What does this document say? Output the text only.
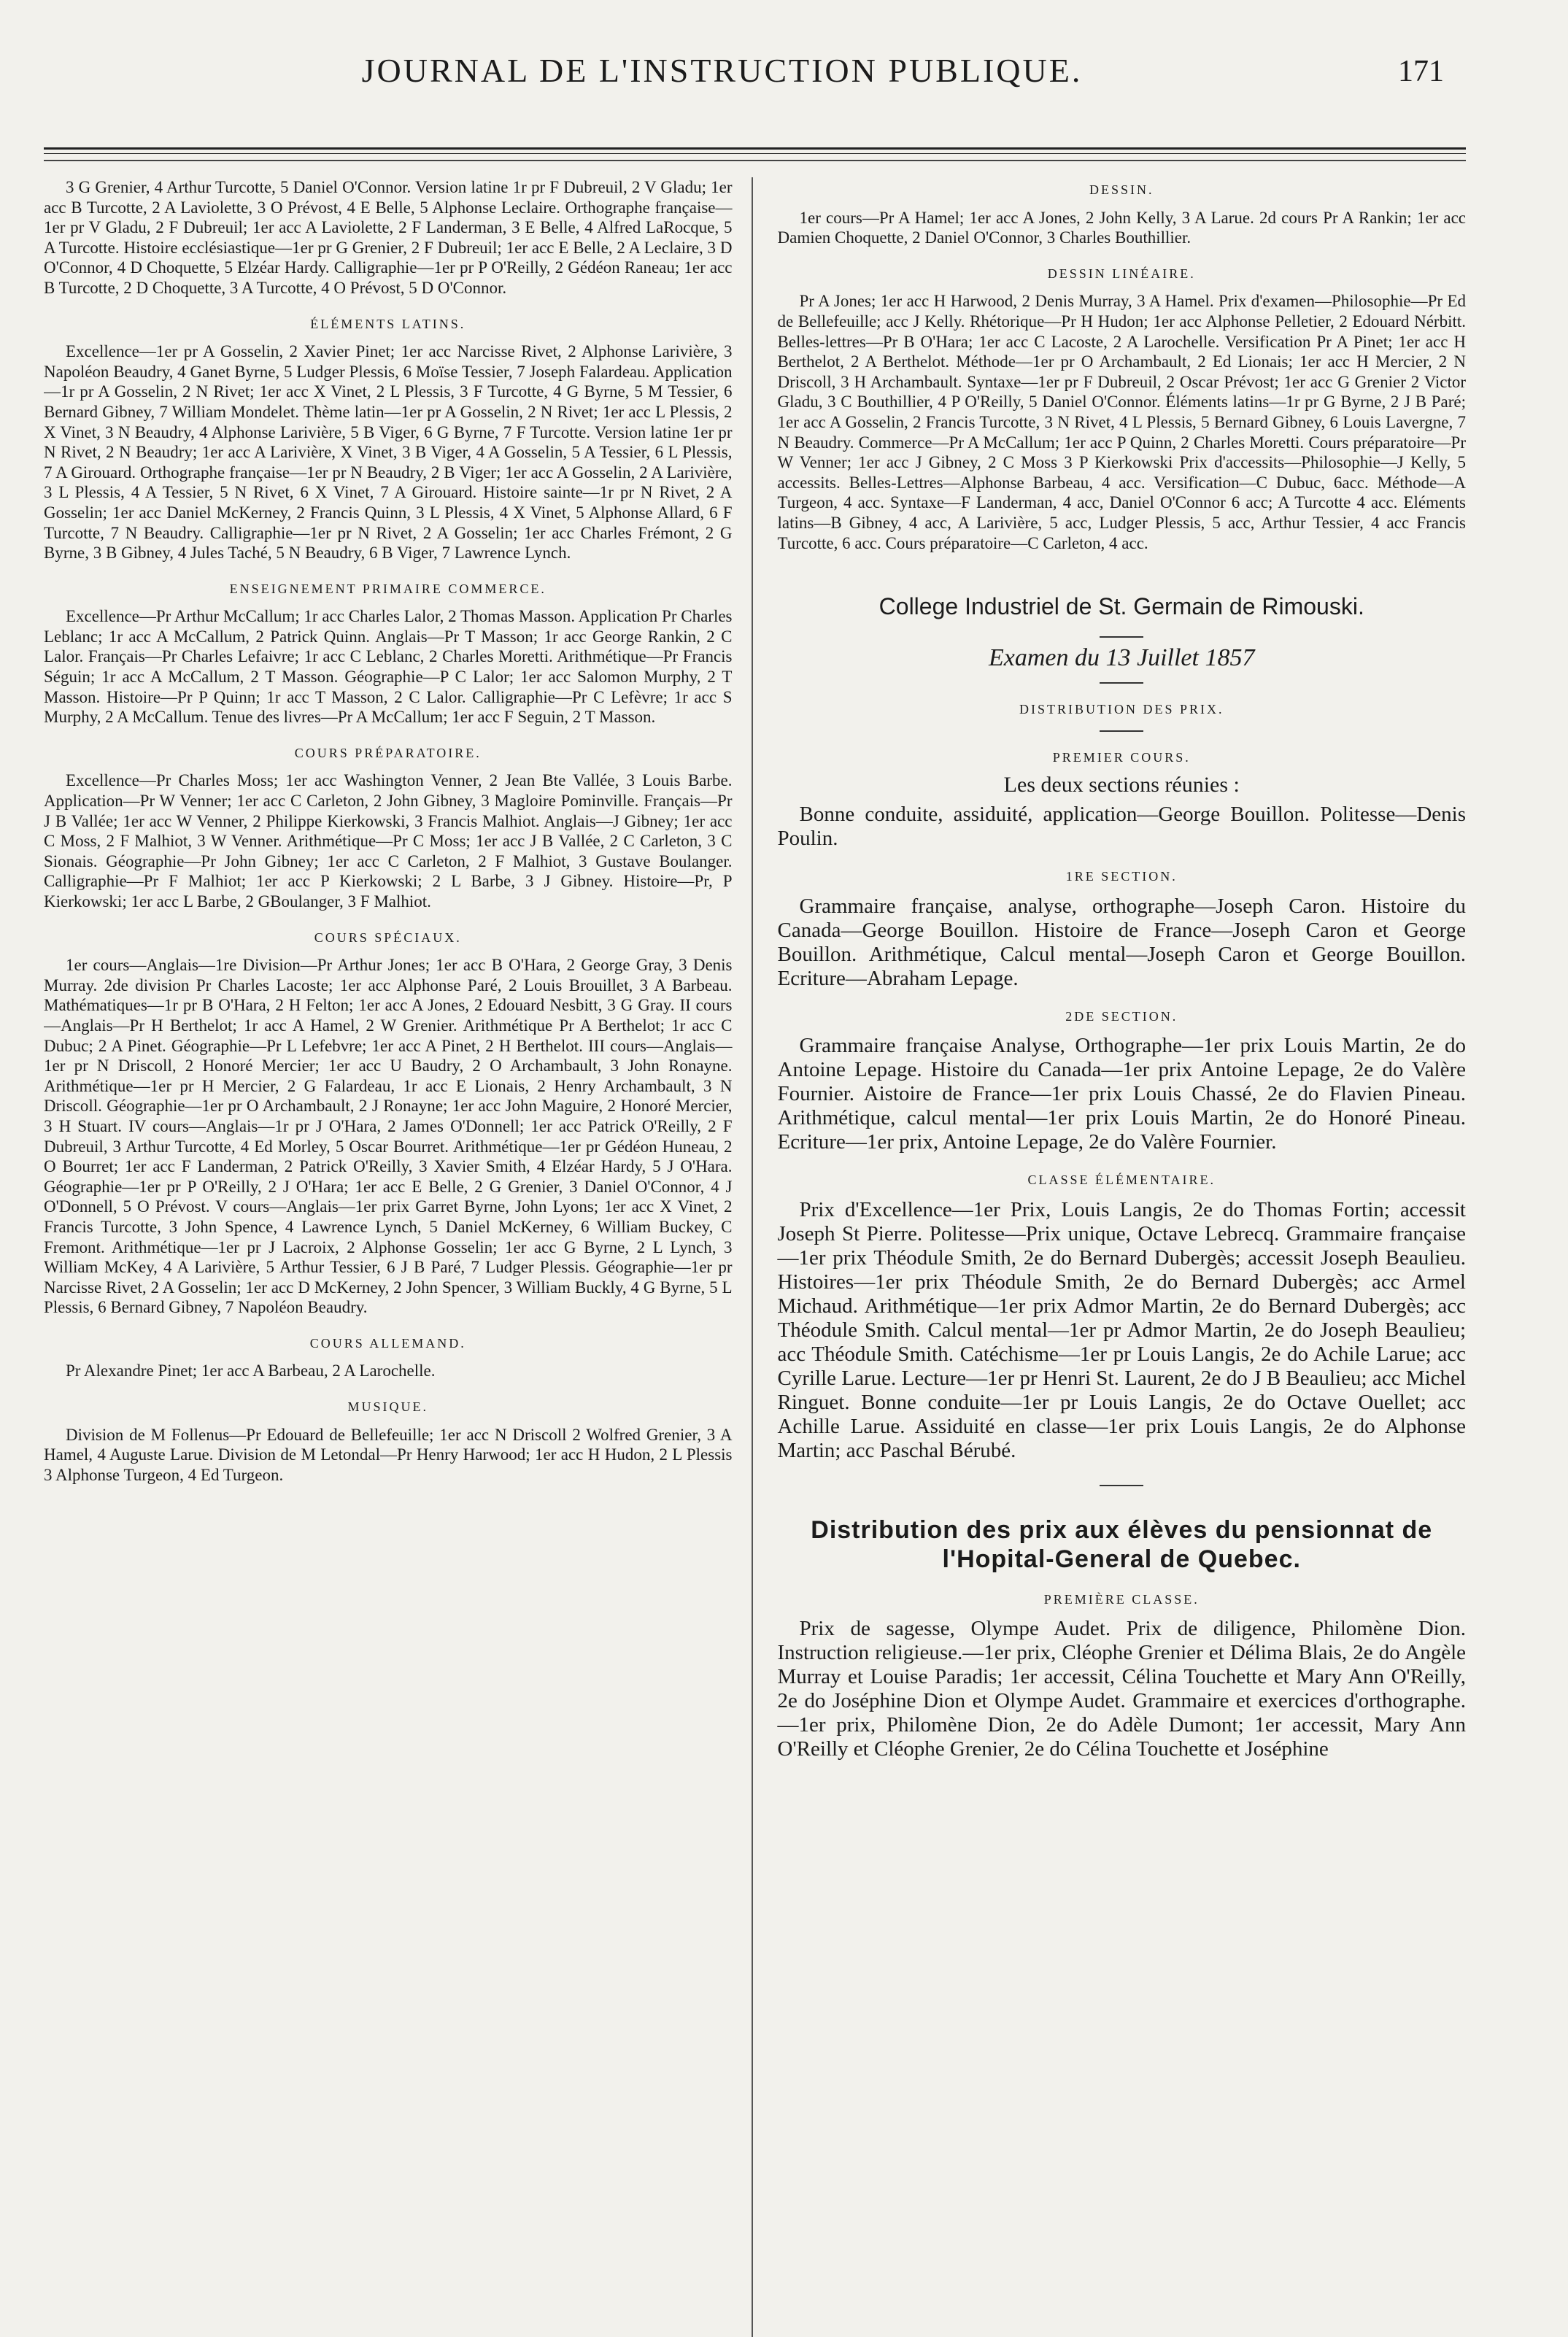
JOURNAL DE L'INSTRUCTION PUBLIQUE.	171

3 G Grenier, 4 Arthur Turcotte, 5 Daniel O'Connor. Version latine 1r pr F Dubreuil, 2 V Gladu; 1er acc B Turcotte, 2 A Laviolette, 3 O Prévost, 4 E Belle, 5 Alphonse Leclaire. Orthographe française—1er pr V Gladu, 2 F Dubreuil; 1er acc A Laviolette, 2 F Landerman, 3 E Belle, 4 Alfred LaRocque, 5 A Turcotte. Histoire ecclésiastique—1er pr G Grenier, 2 F Dubreuil; 1er acc E Belle, 2 A Leclaire, 3 D O'Connor, 4 D Choquette, 5 Elzéar Hardy. Calligraphie—1er pr P O'Reilly, 2 Gédéon Raneau; 1er acc B Turcotte, 2 D Choquette, 3 A Turcotte, 4 O Prévost, 5 D O'Connor.

ÉLÉMENTS LATINS.

Excellence—1er pr A Gosselin, 2 Xavier Pinet; 1er acc Narcisse Rivet, 2 Alphonse Larivière, 3 Napoléon Beaudry, 4 Ganet Byrne, 5 Ludger Plessis, 6 Moïse Tessier, 7 Joseph Falardeau. Application—1r pr A Gosselin, 2 N Rivet; 1er acc X Vinet, 2 L Plessis, 3 F Turcotte, 4 G Byrne, 5 M Tessier, 6 Bernard Gibney, 7 William Mondelet. Thème latin—1er pr A Gosselin, 2 N Rivet; 1er acc L Plessis, 2 X Vinet, 3 N Beaudry, 4 Alphonse Larivière, 5 B Viger, 6 G Byrne, 7 F Turcotte. Version latine 1er pr N Rivet, 2 N Beaudry; 1er acc A Larivière, X Vinet, 3 B Viger, 4 A Gosselin, 5 A Tessier, 6 L Plessis, 7 A Girouard. Orthographe française—1er pr N Beaudry, 2 B Viger; 1er acc A Gosselin, 2 A Larivière, 3 L Plessis, 4 A Tessier, 5 N Rivet, 6 X Vinet, 7 A Girouard. Histoire sainte—1r pr N Rivet, 2 A Gosselin; 1er acc Daniel McKerney, 2 Francis Quinn, 3 L Plessis, 4 X Vinet, 5 Alphonse Allard, 6 F Turcotte, 7 N Beaudry. Calligraphie—1er pr N Rivet, 2 A Gosselin; 1er acc Charles Frémont, 2 G Byrne, 3 B Gibney, 4 Jules Taché, 5 N Beaudry, 6 B Viger, 7 Lawrence Lynch.

ENSEIGNEMENT PRIMAIRE COMMERCE.

Excellence—Pr Arthur McCallum; 1r acc Charles Lalor, 2 Thomas Masson. Application Pr Charles Leblanc; 1r acc A McCallum, 2 Patrick Quinn. Anglais—Pr T Masson; 1r acc George Rankin, 2 C Lalor. Français—Pr Charles Lefaivre; 1r acc C Leblanc, 2 Charles Moretti. Arithmétique—Pr Francis Séguin; 1r acc A McCallum, 2 T Masson. Géographie—P C Lalor; 1er acc Salomon Murphy, 2 T Masson. Histoire—Pr P Quinn; 1r acc T Masson, 2 C Lalor. Calligraphie—Pr C Lefèvre; 1r acc S Murphy, 2 A McCallum. Tenue des livres—Pr A McCallum; 1er acc F Seguin, 2 T Masson.

COURS PRÉPARATOIRE.

Excellence—Pr Charles Moss; 1er acc Washington Venner, 2 Jean Bte Vallée, 3 Louis Barbe. Application—Pr W Venner; 1er acc C Carleton, 2 John Gibney, 3 Magloire Pominville. Français—Pr J B Vallée; 1er acc W Venner, 2 Philippe Kierkowski, 3 Francis Malhiot. Anglais—J Gibney; 1er acc C Moss, 2 F Malhiot, 3 W Venner. Arithmétique—Pr C Moss; 1er acc J B Vallée, 2 C Carleton, 3 C Sionais. Géographie—Pr John Gibney; 1er acc C Carleton, 2 F Malhiot, 3 Gustave Boulanger. Calligraphie—Pr F Malhiot; 1er acc P Kierkowski; 2 L Barbe, 3 J Gibney. Histoire—Pr, P Kierkowski; 1er acc L Barbe, 2 GBoulanger, 3 F Malhiot.

COURS SPÉCIAUX.

1er cours—Anglais—1re Division—Pr Arthur Jones; 1er acc B O'Hara, 2 George Gray, 3 Denis Murray. 2de division Pr Charles Lacoste; 1er acc Alphonse Paré, 2 Louis Brouillet, 3 A Barbeau. Mathématiques—1r pr B O'Hara, 2 H Felton; 1er acc A Jones, 2 Edouard Nesbitt, 3 G Gray. II cours—Anglais—Pr H Berthelot; 1r acc A Hamel, 2 W Grenier. Arithmétique Pr A Berthelot; 1r acc C Dubuc; 2 A Pinet. Géographie—Pr L Lefebvre; 1er acc A Pinet, 2 H Berthelot. III cours—Anglais—1er pr N Driscoll, 2 Honoré Mercier; 1er acc U Baudry, 2 O Archambault, 3 John Ronayne. Arithmétique—1er pr H Mercier, 2 G Falardeau, 1r acc E Lionais, 2 Henry Archambault, 3 N Driscoll. Géographie—1er pr O Archambault, 2 J Ronayne; 1er acc John Maguire, 2 Honoré Mercier, 3 H Stuart. IV cours—Anglais—1r pr J O'Hara, 2 James O'Donnell; 1er acc Patrick O'Reilly, 2 F Dubreuil, 3 Arthur Turcotte, 4 Ed Morley, 5 Oscar Bourret. Arithmétique—1er pr Gédéon Huneau, 2 O Bourret; 1er acc F Landerman, 2 Patrick O'Reilly, 3 Xavier Smith, 4 Elzéar Hardy, 5 J O'Hara. Géographie—1er pr P O'Reilly, 2 J O'Hara; 1er acc E Belle, 2 G Grenier, 3 Daniel O'Connor, 4 J O'Donnell, 5 O Prévost. V cours—Anglais—1er prix Garret Byrne, John Lyons; 1er acc X Vinet, 2 Francis Turcotte, 3 John Spence, 4 Lawrence Lynch, 5 Daniel McKerney, 6 William Buckey, C Fremont. Arithmétique—1er pr J Lacroix, 2 Alphonse Gosselin; 1er acc G Byrne, 2 L Lynch, 3 William McKey, 4 A Larivière, 5 Arthur Tessier, 6 J B Paré, 7 Ludger Plessis. Géographie—1er pr Narcisse Rivet, 2 A Gosselin; 1er acc D McKerney, 2 John Spencer, 3 William Buckly, 4 G Byrne, 5 L Plessis, 6 Bernard Gibney, 7 Napoléon Beaudry.

COURS ALLEMAND.

Pr Alexandre Pinet; 1er acc A Barbeau, 2 A Larochelle.

MUSIQUE.

Division de M Follenus—Pr Edouard de Bellefeuille; 1er acc N Driscoll 2 Wolfred Grenier, 3 A Hamel, 4 Auguste Larue. Division de M Letondal—Pr Henry Harwood; 1er acc H Hudon, 2 L Plessis 3 Alphonse Turgeon, 4 Ed Turgeon.

DESSIN.

1er cours—Pr A Hamel; 1er acc A Jones, 2 John Kelly, 3 A Larue. 2d cours Pr A Rankin; 1er acc Damien Choquette, 2 Daniel O'Connor, 3 Charles Bouthillier.

DESSIN LINÉAIRE.

Pr A Jones; 1er acc H Harwood, 2 Denis Murray, 3 A Hamel. Prix d'examen—Philosophie—Pr Ed de Bellefeuille; acc J Kelly. Rhétorique—Pr H Hudon; 1er acc Alphonse Pelletier, 2 Edouard Nérbitt. Belles-lettres—Pr B O'Hara; 1er acc C Lacoste, 2 A Larochelle. Versification Pr A Pinet; 1er acc H Berthelot, 2 A Berthelot. Méthode—1er pr O Archambault, 2 Ed Lionais; 1er acc H Mercier, 2 N Driscoll, 3 H Archambault. Syntaxe—1er pr F Dubreuil, 2 Oscar Prévost; 1er acc G Grenier 2 Victor Gladu, 3 C Bouthillier, 4 P O'Reilly, 5 Daniel O'Connor. Éléments latins—1r pr G Byrne, 2 J B Paré; 1er acc A Gosselin, 2 Francis Turcotte, 3 N Rivet, 4 L Plessis, 5 Bernard Gibney, 6 Louis Lavergne, 7 N Beaudry. Commerce—Pr A McCallum; 1er acc P Quinn, 2 Charles Moretti. Cours préparatoire—Pr W Venner; 1er acc J Gibney, 2 C Moss 3 P Kierkowski Prix d'accessits—Philosophie—J Kelly, 5 accessits. Belles-Lettres—Alphonse Barbeau, 4 acc. Versification—C Dubuc, 6acc. Méthode—A Turgeon, 4 acc. Syntaxe—F Landerman, 4 acc, Daniel O'Connor 6 acc; A Turcotte 4 acc. Eléments latins—B Gibney, 4 acc, A Larivière, 5 acc, Ludger Plessis, 5 acc, Arthur Tessier, 4 acc Francis Turcotte, 6 acc. Cours préparatoire—C Carleton, 4 acc.

College Industriel de St. Germain de Rimouski.
Examen du 13 Juillet 1857
DISTRIBUTION DES PRIX.
PREMIER COURS.
Les deux sections réunies :

Bonne conduite, assiduité, application—George Bouillon. Politesse—Denis Poulin.

1RE SECTION.

Grammaire française, analyse, orthographe—Joseph Caron. Histoire du Canada—George Bouillon. Histoire de France—Joseph Caron et George Bouillon. Arithmétique, Calcul mental—Joseph Caron et George Bouillon. Ecriture—Abraham Lepage.

2DE SECTION.

Grammaire française Analyse, Orthographe—1er prix Louis Martin, 2e do Antoine Lepage. Histoire du Canada—1er prix Antoine Lepage, 2e do Valère Fournier. Aistoire de France—1er prix Louis Chassé, 2e do Flavien Pineau. Arithmétique, calcul mental—1er prix Louis Martin, 2e do Honoré Pineau. Ecriture—1er prix, Antoine Lepage, 2e do Valère Fournier.

CLASSE ÉLÉMENTAIRE.

Prix d'Excellence—1er Prix, Louis Langis, 2e do Thomas Fortin; accessit Joseph St Pierre. Politesse—Prix unique, Octave Lebrecq. Grammaire française—1er prix Théodule Smith, 2e do Bernard Dubergès; accessit Joseph Beaulieu. Histoires—1er prix Théodule Smith, 2e do Bernard Dubergès; acc Armel Michaud. Arithmétique—1er prix Admor Martin, 2e do Bernard Dubergès; acc Théodule Smith. Calcul mental—1er pr Admor Martin, 2e do Joseph Beaulieu; acc Théodule Smith. Catéchisme—1er pr Louis Langis, 2e do Achile Larue; acc Cyrille Larue. Lecture—1er pr Henri St. Laurent, 2e do J B Beaulieu; acc Michel Ringuet. Bonne conduite—1er pr Louis Langis, 2e do Octave Ouellet; acc Achille Larue. Assiduité en classe—1er prix Louis Langis, 2e do Alphonse Martin; acc Paschal Bérubé.

Distribution des prix aux élèves du pensionnat de l'Hopital-General de Quebec.
PREMIÈRE CLASSE.

Prix de sagesse, Olympe Audet. Prix de diligence, Philomène Dion. Instruction religieuse.—1er prix, Cléophe Grenier et Délima Blais, 2e do Angèle Murray et Louise Paradis; 1er accessit, Célina Touchette et Mary Ann O'Reilly, 2e do Joséphine Dion et Olympe Audet. Grammaire et exercices d'orthographe.—1er prix, Philomène Dion, 2e do Adèle Dumont; 1er accessit, Mary Ann O'Reilly et Cléophe Grenier, 2e do Célina Touchette et Joséphine
